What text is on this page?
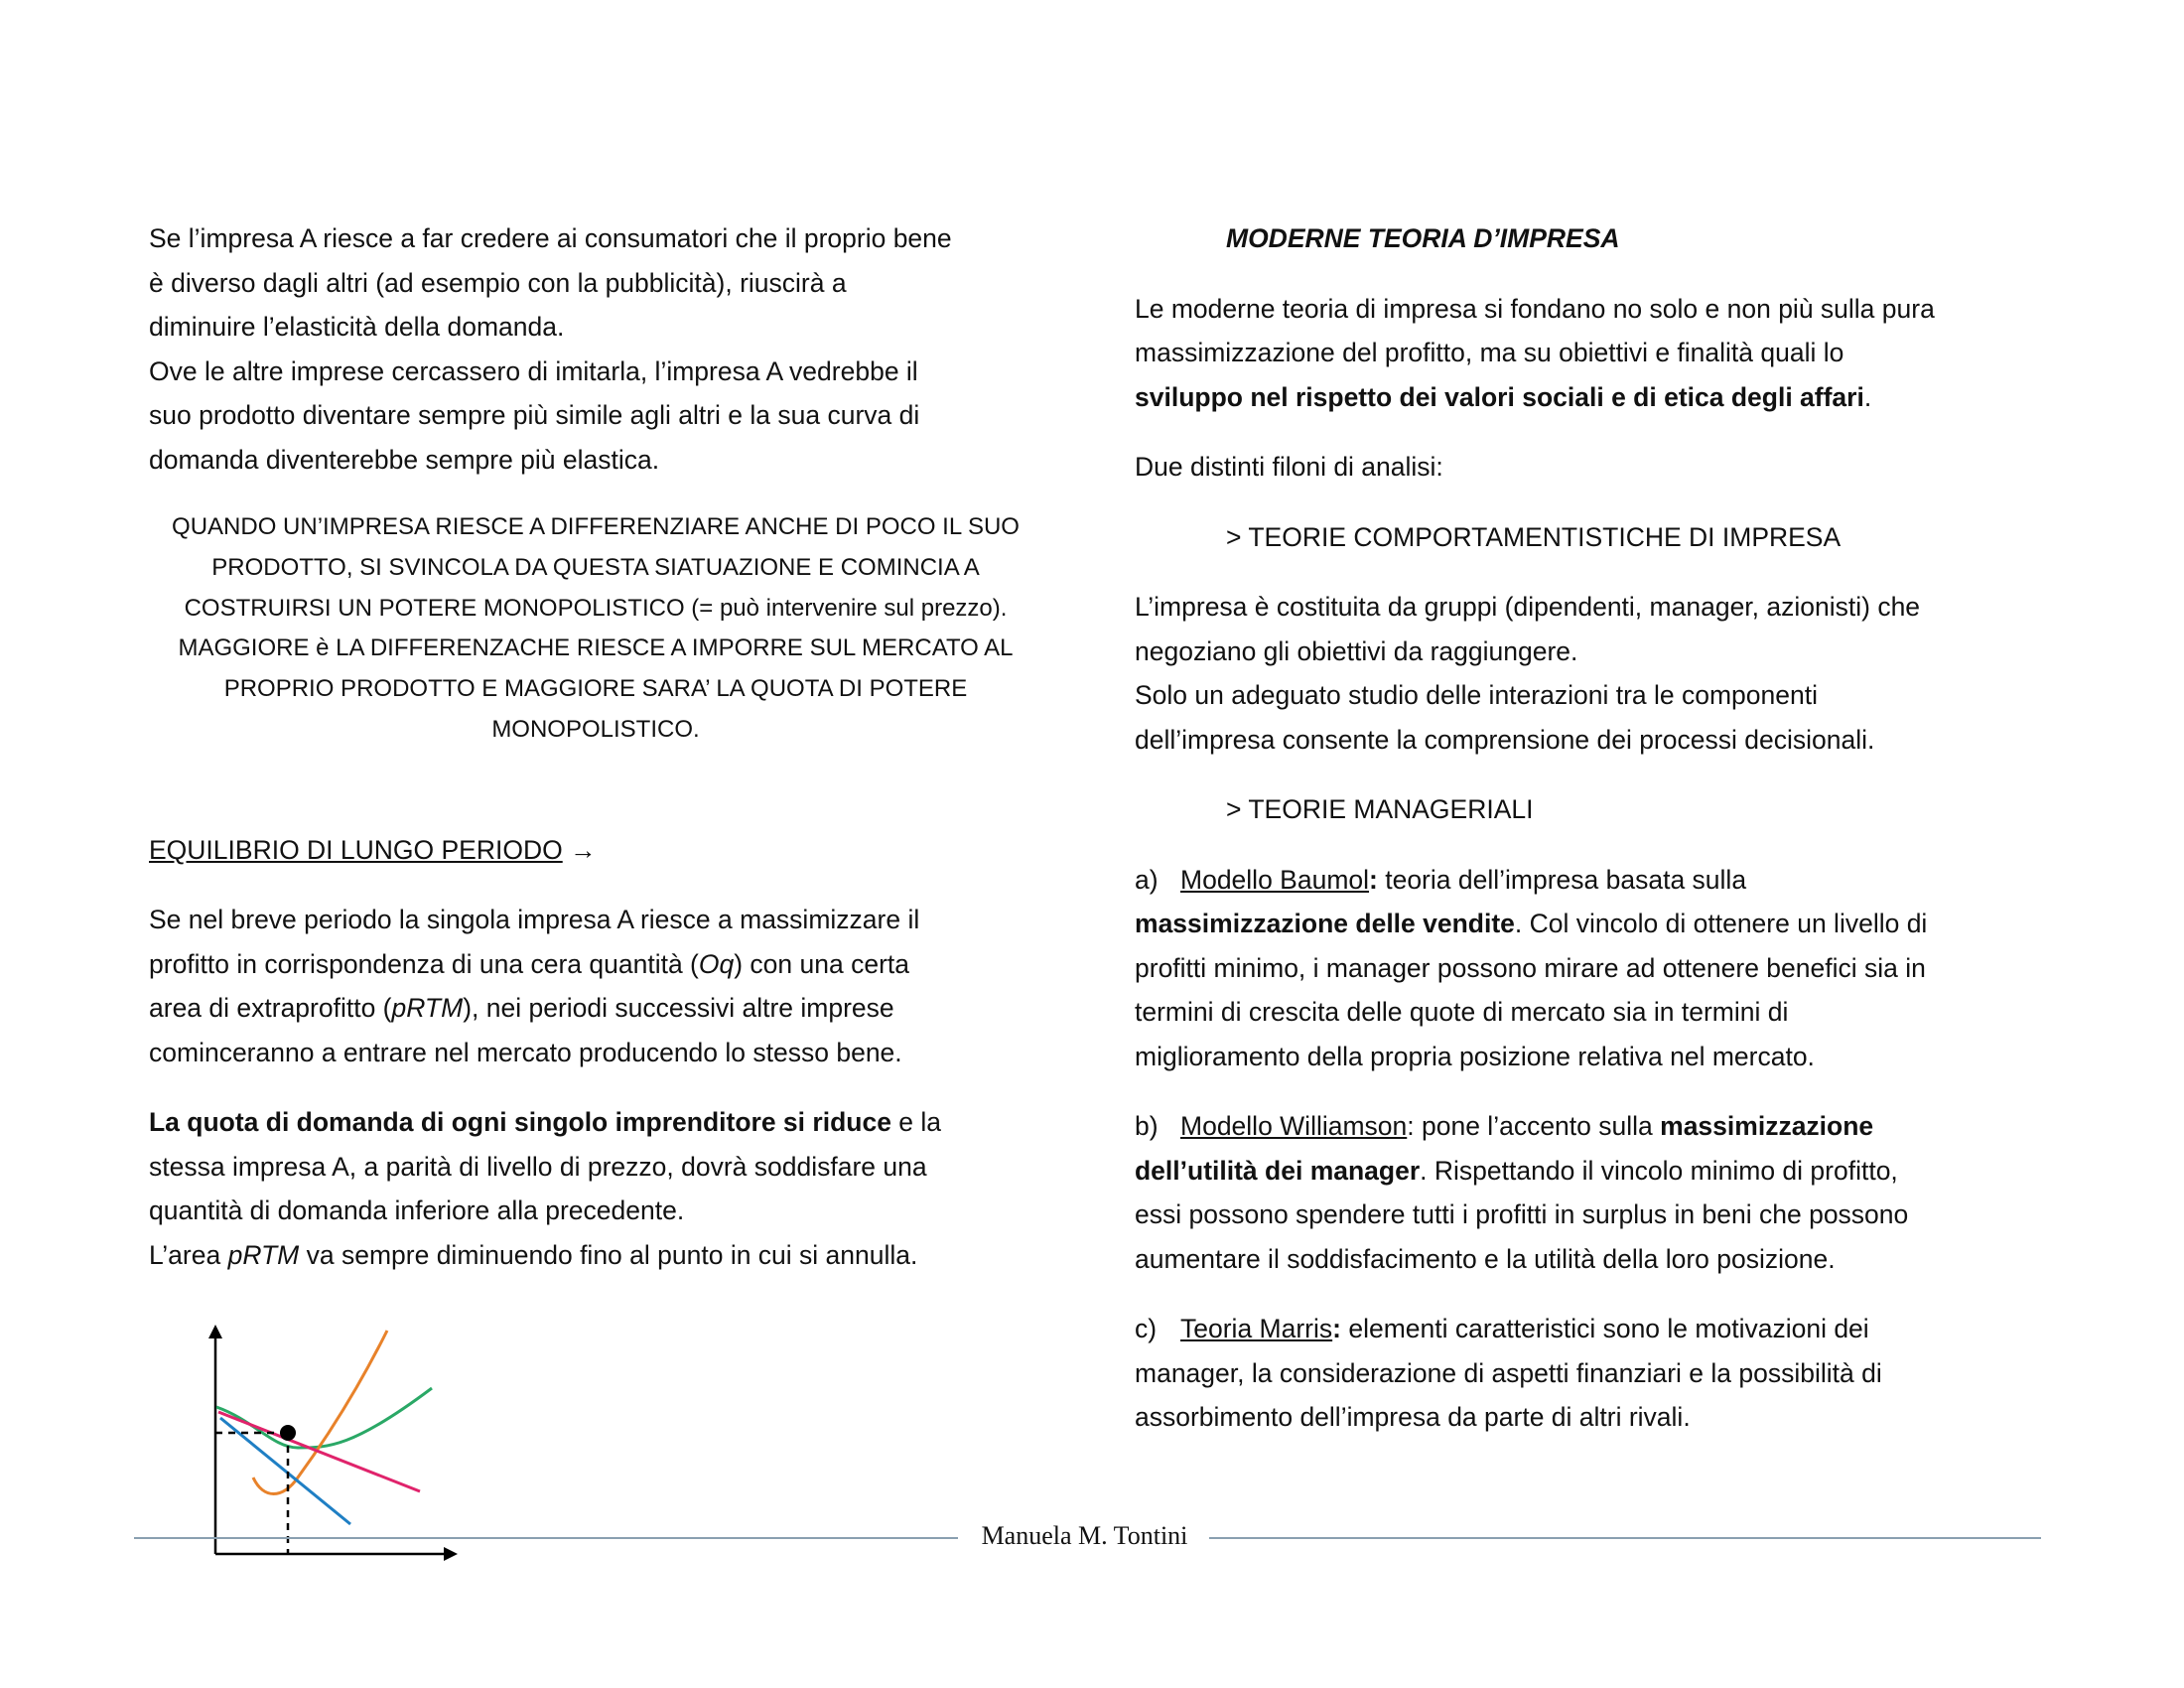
Se l’impresa A riesce a far credere ai consumatori che il proprio bene
è diverso dagli altri (ad esempio con la pubblicità), riuscirà a
diminuire l’elasticità della domanda.
Ove le altre imprese cercassero di imitarla, l’impresa A vedrebbe il
suo prodotto diventare sempre più simile agli altri e la sua curva di
domanda diventerebbe sempre più elastica.

QUANDO UN’IMPRESA RIESCE A DIFFERENZIARE ANCHE DI POCO IL SUO
PRODOTTO, SI SVINCOLA DA QUESTA SIATUAZIONE E COMINCIA A
COSTRUIRSI UN POTERE MONOPOLISTICO (= può intervenire sul prezzo).
MAGGIORE è LA DIFFERENZACHE RIESCE A IMPORRE SUL MERCATO AL
PROPRIO PRODOTTO E MAGGIORE SARA’ LA QUOTA DI POTERE
MONOPOLISTICO.

EQUILIBRIO DI LUNGO PERIODO →

Se nel breve periodo la singola impresa A riesce a massimizzare il
profitto in corrispondenza di una cera quantità (Oq) con una certa
area di extraprofitto (pRTM), nei periodi successivi altre imprese
cominceranno a entrare nel mercato producendo lo stesso bene.

La quota di domanda di ogni singolo imprenditore si riduce e la
stessa impresa A, a parità di livello di prezzo, dovrà soddisfare una
quantità di domanda inferiore alla precedente.
L’area pRTM va sempre diminuendo fino al punto in cui si annulla.

MODERNE TEORIA D’IMPRESA

Le moderne teoria di impresa si fondano no solo e non più sulla pura
massimizzazione del profitto, ma su obiettivi e finalità quali lo
sviluppo nel rispetto dei valori sociali e di etica degli affari.

Due distinti filoni di analisi:

> TEORIE COMPORTAMENTISTICHE DI IMPRESA

L’impresa è costituita da gruppi (dipendenti, manager, azionisti) che
negoziano gli obiettivi da raggiungere.
Solo un adeguato studio delle interazioni tra le componenti
dell’impresa consente la comprensione dei processi decisionali.

> TEORIE MANAGERIALI

a) Modello Baumol: teoria dell’impresa basata sulla
massimizzazione delle vendite. Col vincolo di ottenere un livello di
profitti minimo, i manager possono mirare ad ottenere benefici sia in
termini di crescita delle quote di mercato sia in termini di
miglioramento della propria posizione relativa nel mercato.

b) Modello Williamson: pone l’accento sulla massimizzazione
dell’utilità dei manager. Rispettando il vincolo minimo di profitto,
essi possono spendere tutti i profitti in surplus in beni che possono
aumentare il soddisfacimento e la utilità della loro posizione.

c) Teoria Marris: elementi caratteristici sono le motivazioni dei
manager, la considerazione di aspetti finanziari e la possibilità di
assorbimento dell’impresa da parte di altri rivali.

Manuela M. Tontini
